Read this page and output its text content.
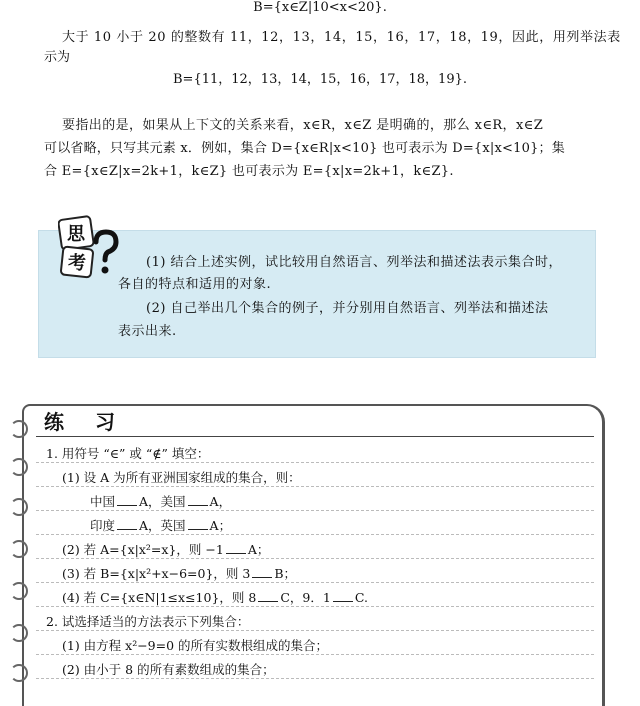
B={x∈Z|10<x<20}.
大于 10 小于 20 的整数有 11，12，13，14，15，16，17，18，19，因此，用列举法表
示为
B={11，12，13，14，15，16，17，18，19}.
要指出的是，如果从上下文的关系来看，x∈R，x∈Z 是明确的，那么 x∈R，x∈Z
可以省略，只写其元素 x．例如，集合 D={x∈R|x<10} 也可表示为 D={x|x<10}；集
合 E={x∈Z|x=2k+1，k∈Z} 也可表示为 E={x|x=2k+1，k∈Z}.
思
考	(1) 结合上述实例，试比较用自然语言、列举法和描述法表示集合时，
各自的特点和适用的对象.
(2) 自己举出几个集合的例子，并分别用自然语言、列举法和描述法
表示出来.
练 习
1. 用符号 “∈” 或 “∉” 填空：
(1) 设 A 为所有亚洲国家组成的集合，则：
中国 A，美国 A，
印度 A，英国 A；
(2) 若 A={x|x²=x}，则 −1 A；
(3) 若 B={x|x²+x−6=0}，则 3 B；
(4) 若 C={x∈N|1≤x≤10}，则 8 C，9．1 C.
2. 试选择适当的方法表示下列集合：
(1) 由方程 x²−9=0 的所有实数根组成的集合；
(2) 由小于 8 的所有素数组成的集合；
